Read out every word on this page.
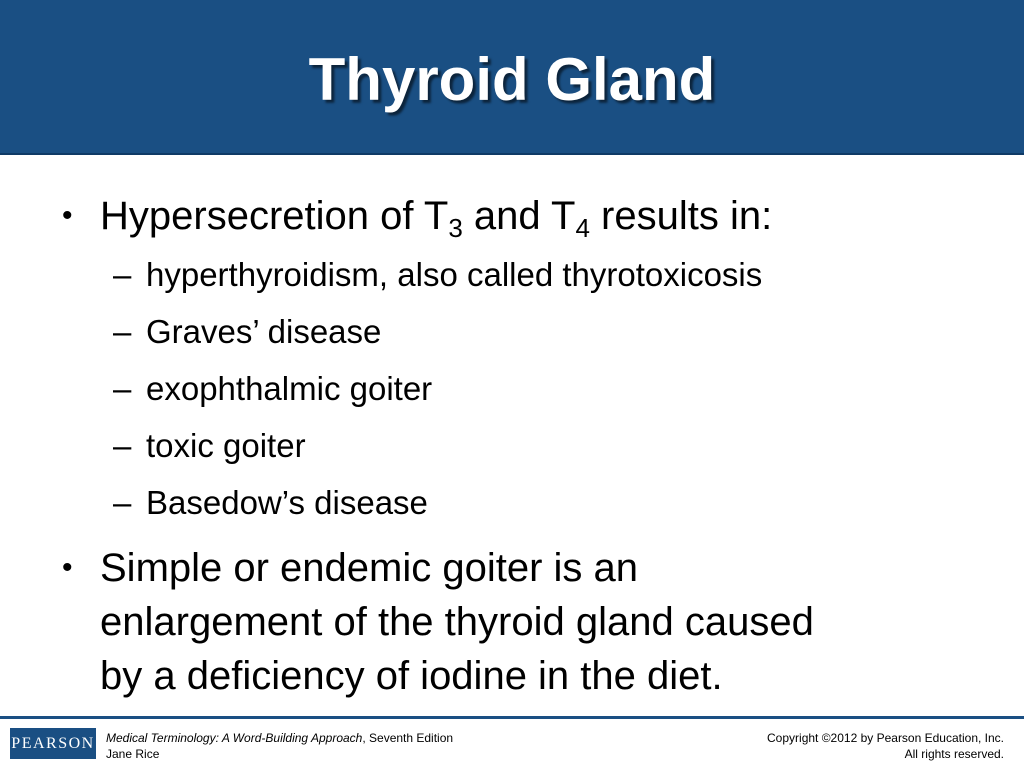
Thyroid Gland
• Hypersecretion of $T_3$ and $T_4$ results in:
– hyperthyroidism, also called thyrotoxicosis
– Graves’ disease
– exophthalmic goiter
– toxic goiter
– Basedow’s disease
• Simple or endemic goiter is an
enlargement of the thyroid gland caused
by a deficiency of iodine in the diet.
PEARSON Medical Terminology: A Word-Building Approach, Seventh Edition
Jane Rice
Copyright ©2012 by Pearson Education, Inc.
All rights reserved.
